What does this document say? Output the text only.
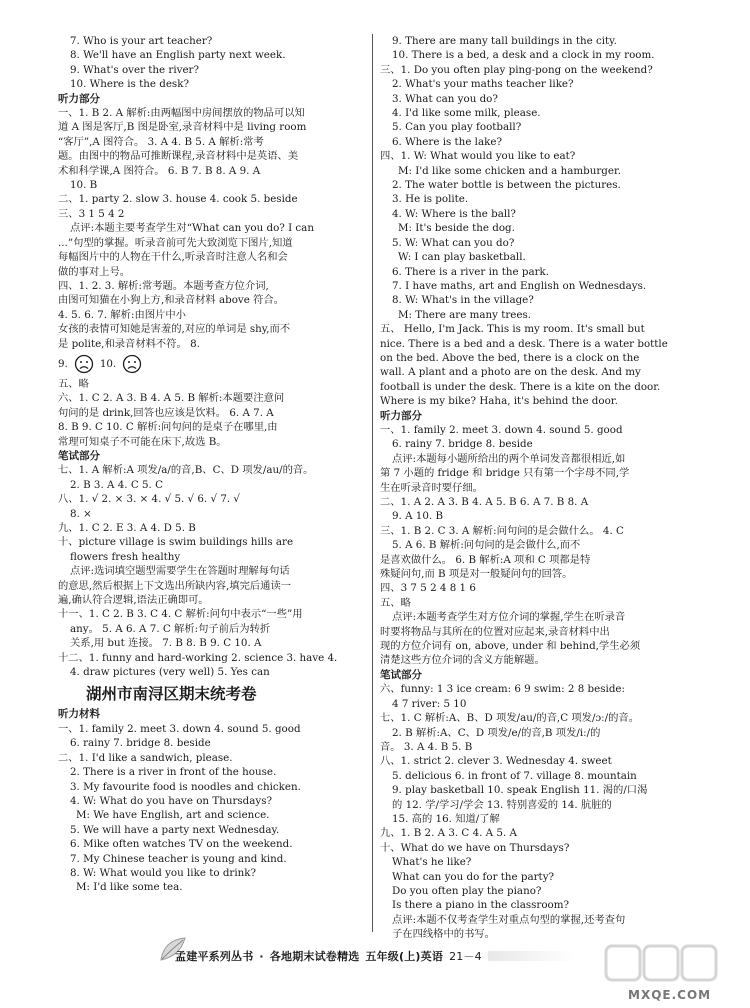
7. Who is your art teacher?
8. We'll have an English party next week.
9. What's over the river?
10. Where is the desk?
听力部分
一、1. B 2. A 解析:由两幅图中房间摆放的物品可以知
道 A 图是客厅,B 图是卧室,录音材料中是 living room
“客厅”,A 图符合。 3. A 4. B 5. A 解析:常考
题。由图中的物品可推断课程,录音材料中是英语、美
术和科学课,A 图符合。 6. B 7. B 8. A 9. A
10. B
二、1. party 2. slow 3. house 4. cook 5. beside
三、3 1 5 4 2
点评:本题主要考查学生对“What can you do? I can
...”句型的掌握。听录音前可先大致浏览下图片,知道
每幅图片中的人物在干什么,听录音时注意人名和会
做的事对上号。
四、1. 2. 3. 解析:常考题。本题考查方位介词,
由图可知猫在小狗上方,和录音材料 above 符合。
4. 5. 6. 7. 解析:由图片中小
女孩的表情可知她是害羞的,对应的单词是 shy,而不
是 polite,和录音材料不符。 8.
9.	10.
五、略
六、1. C 2. A 3. B 4. A 5. B 解析:本题要注意问
句问的是 drink,回答也应该是饮料。 6. A 7. A
8. B 9. C 10. C 解析:问句问的是桌子在哪里,由
常理可知桌子不可能在床下,故选 B。
笔试部分
七、1. A 解析:A 项发/a/的音,B、C、D 项发/au/的音。
2. B 3. A 4. C 5. C
八、1. √ 2. × 3. × 4. √ 5. √ 6. √ 7. √
8. ×
九、1. C 2. E 3. A 4. D 5. B
十、picture village is swim buildings hills are
flowers fresh healthy
点评:选词填空题型需要学生在答题时理解每句话
的意思,然后根据上下文选出所缺内容,填完后通读一
遍,确认符合逻辑,语法正确即可。
十一、1. C 2. B 3. C 4. C 解析:问句中表示“一些”用
any。 5. A 6. A 7. C 解析:句子前后为转折
关系,用 but 连接。 7. B 8. B 9. C 10. A
十二、1. funny and hard-working 2. science 3. have 4.
4. draw pictures (very well) 5. Yes can
湖州市南浔区期末统考卷
听力材料
一、1. family 2. meet 3. down 4. sound 5. good
6. rainy 7. bridge 8. beside
二、1. I'd like a sandwich, please.
2. There is a river in front of the house.
3. My favourite food is noodles and chicken.
4. W: What do you have on Thursdays?
M: We have English, art and science.
5. We will have a party next Wednesday.
6. Mike often watches TV on the weekend.
7. My Chinese teacher is young and kind.
8. W: What would you like to drink?
M: I'd like some tea.
9. There are many tall buildings in the city.
10. There is a bed, a desk and a clock in my room.
三、1. Do you often play ping-pong on the weekend?
2. What's your maths teacher like?
3. What can you do?
4. I'd like some milk, please.
5. Can you play football?
6. Where is the lake?
四、1. W: What would you like to eat?
M: I'd like some chicken and a hamburger.
2. The water bottle is between the pictures.
3. He is polite.
4. W: Where is the ball?
M: It's beside the dog.
5. W: What can you do?
W: I can play basketball.
6. There is a river in the park.
7. I have maths, art and English on Wednesdays.
8. W: What's in the village?
M: There are many trees.
五、 Hello, I'm Jack. This is my room. It's small but
nice. There is a bed and a desk. There is a water bottle
on the bed. Above the bed, there is a clock on the
wall. A plant and a photo are on the desk. And my
football is under the desk. There is a kite on the door.
Where is my bike? Haha, it's behind the door.
听力部分
一、1. family 2. meet 3. down 4. sound 5. good
6. rainy 7. bridge 8. beside
点评:本题每小题所给出的两个单词发音都很相近,如
第 7 小题的 fridge 和 bridge 只有第一个字母不同,学
生在听录音时要仔细。
二、1. A 2. A 3. B 4. A 5. B 6. A 7. B 8. A
9. A 10. B
三、1. B 2. C 3. A 解析:问句问的是会做什么。 4. C
5. A 6. B 解析:问句问的是会做什么,而不
是喜欢做什么。 6. B 解析:A 项和 C 项都是特
殊疑问句,而 B 项是对一般疑问句的回答。
四、3 7 5 2 4 8 1 6
五、略
点评:本题考查学生对方位介词的掌握,学生在听录音
时要将物品与其所在的位置对应起来,录音材料中出
现的方位介词有 on, above, under 和 behind,学生必须
清楚这些方位介词的含义方能解题。
笔试部分
六、funny: 1 3 ice cream: 6 9 swim: 2 8 beside:
4 7 river: 5 10
七、1. C 解析:A、B、D 项发/au/的音,C 项发/ɔː/的音。
2. B 解析:A、C、D 项发/e/的音,B 项发/iː/的
音。 3. A 4. B 5. B
八、1. strict 2. clever 3. Wednesday 4. sweet
5. delicious 6. in front of 7. village 8. mountain
9. play basketball 10. speak English 11. 渴的/口渴
的 12. 学/学习/学会 13. 特别喜爱的 14. 肮脏的
15. 高的 16. 知道/了解
九、1. B 2. A 3. C 4. A 5. A
十、What do we have on Thursdays?
What's he like?
What can you do for the party?
Do you often play the piano?
Is there a piano in the classroom?
点评:本题不仅考查学生对重点句型的掌握,还考查句
子在四线格中的书写。
孟建平系列丛书 · 各地期末试卷精选 五年级(上)英语 21－4
MXQE.COM
